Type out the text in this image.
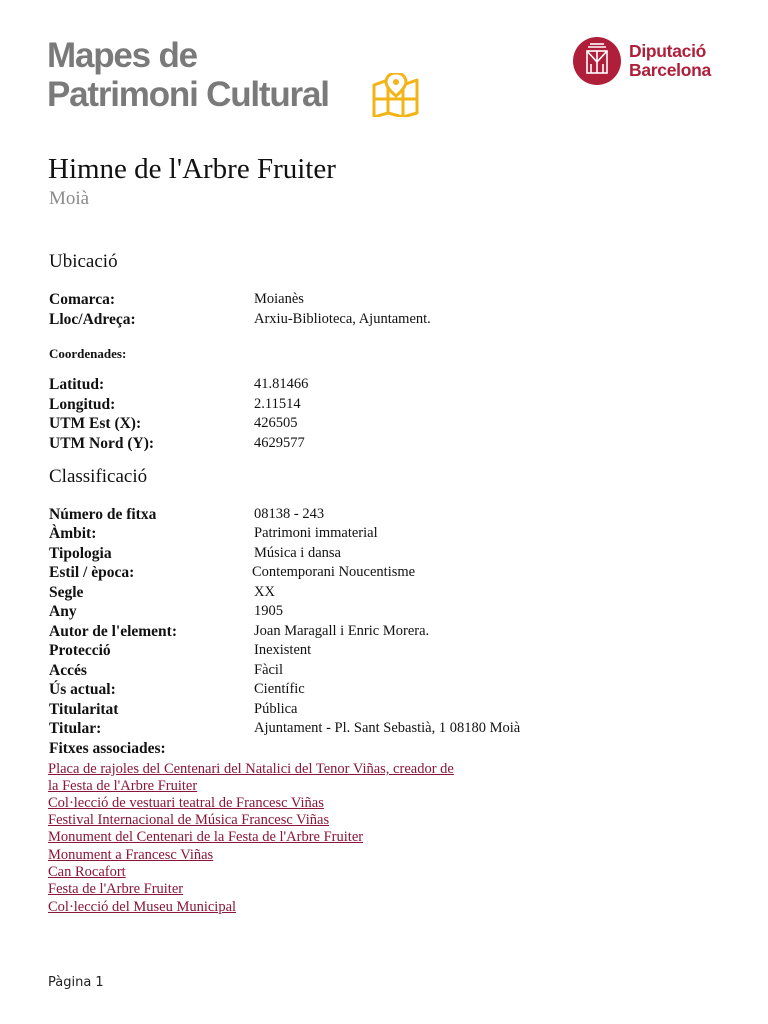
Mapes de
Patrimoni Cultural
Diputació
Barcelona
Himne de l'Arbre Fruiter
Moià
Ubicació
Comarca:	Moianès
Lloc/Adreça:	Arxiu-Biblioteca, Ajuntament.
Coordenades:
Latitud:	41.81466
Longitud:	2.11514
UTM Est (X):	426505
UTM Nord (Y):	4629577
Classificació
Número de fitxa	08138 - 243
Àmbit:	Patrimoni immaterial
Tipologia	Música i dansa
Estil / època:	Contemporani Noucentisme
Segle	XX
Any	1905
Autor de l'element:	Joan Maragall i Enric Morera.
Protecció	Inexistent
Accés	Fàcil
Ús actual:	Científic
Titularitat	Pública
Titular:	Ajuntament - Pl. Sant Sebastià, 1 08180 Moià
Fitxes associades:
Placa de rajoles del Centenari del Natalici del Tenor Viñas, creador de
la Festa de l'Arbre Fruiter
Col·lecció de vestuari teatral de Francesc Viñas
Festival Internacional de Música Francesc Viñas
Monument del Centenari de la Festa de l'Arbre Fruiter
Monument a Francesc Viñas
Can Rocafort
Festa de l'Arbre Fruiter
Col·lecció del Museu Municipal
Pàgina 1
